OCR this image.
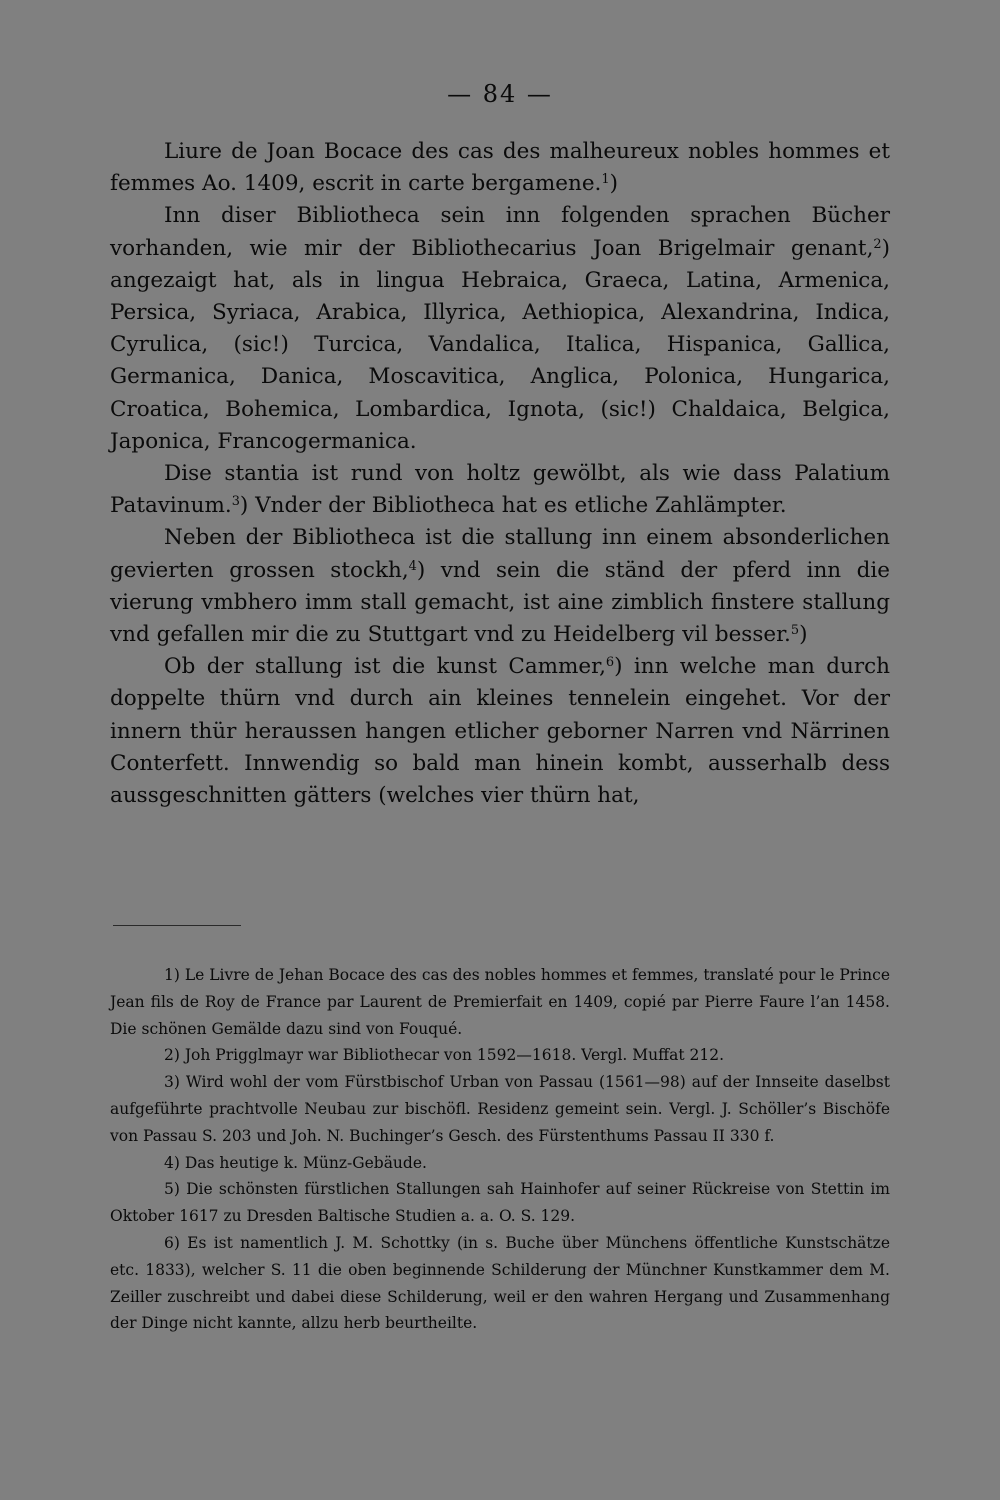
— 84 —

Liure de Joan Bocace des cas des malheureux nobles hommes et femmes Ao. 1409, escrit in carte bergamene.$^1$)

Inn diser Bibliotheca sein inn folgenden sprachen Bücher vorhanden, wie mir der Bibliothecarius Joan Brigelmair genant,$^2$) angezaigt hat, als in lingua Hebraica, Graeca, Latina, Armenica, Persica, Syriaca, Arabica, Illyrica, Aethiopica, Alexandrina, Indica, Cyrulica, (sic!) Turcica, Vandalica, Italica, Hispanica, Gallica, Germanica, Danica, Moscavitica, Anglica, Polonica, Hungarica, Croatica, Bohemica, Lombardica, Ignota, (sic!) Chaldaica, Belgica, Japonica, Francogermanica.

Dise stantia ist rund von holtz gewölbt, als wie dass Palatium Patavinum.$^3$) Vnder der Bibliotheca hat es etliche Zahlämpter.

Neben der Bibliotheca ist die stallung inn einem absonderlichen gevierten grossen stockh,$^4$) vnd sein die ständ der pferd inn die vierung vmbhero imm stall gemacht, ist aine zimblich finstere stallung vnd gefallen mir die zu Stuttgart vnd zu Heidelberg vil besser.$^5$)

Ob der stallung ist die kunst Cammer,$^6$) inn welche man durch doppelte thürn vnd durch ain kleines tennelein eingehet. Vor der innern thür heraussen hangen etlicher geborner Narren vnd Närrinen Conterfett. Innwendig so bald man hinein kombt, ausserhalb dess aussgeschnitten gätters (welches vier thürn hat,

1) Le Livre de Jehan Bocace des cas des nobles hommes et femmes, translaté pour le Prince Jean fils de Roy de France par Laurent de Premierfait en 1409, copié par Pierre Faure l’an 1458. Die schönen Gemälde dazu sind von Fouqué.

2) Joh Prigglmayr war Bibliothecar von 1592—1618. Vergl. Muffat 212.

3) Wird wohl der vom Fürstbischof Urban von Passau (1561—98) auf der Innseite daselbst aufgeführte prachtvolle Neubau zur bischöfl. Residenz gemeint sein. Vergl. J. Schöller’s Bischöfe von Passau S. 203 und Joh. N. Buchinger’s Gesch. des Fürstenthums Passau II 330 f.

4) Das heutige k. Münz-Gebäude.

5) Die schönsten fürstlichen Stallungen sah Hainhofer auf seiner Rückreise von Stettin im Oktober 1617 zu Dresden Baltische Studien a. a. O. S. 129.

6) Es ist namentlich J. M. Schottky (in s. Buche über Münchens öffentliche Kunstschätze etc. 1833), welcher S. 11 die oben beginnende Schilderung der Münchner Kunstkammer dem M. Zeiller zuschreibt und dabei diese Schilderung, weil er den wahren Hergang und Zusammenhang der Dinge nicht kannte, allzu herb beurtheilte.
